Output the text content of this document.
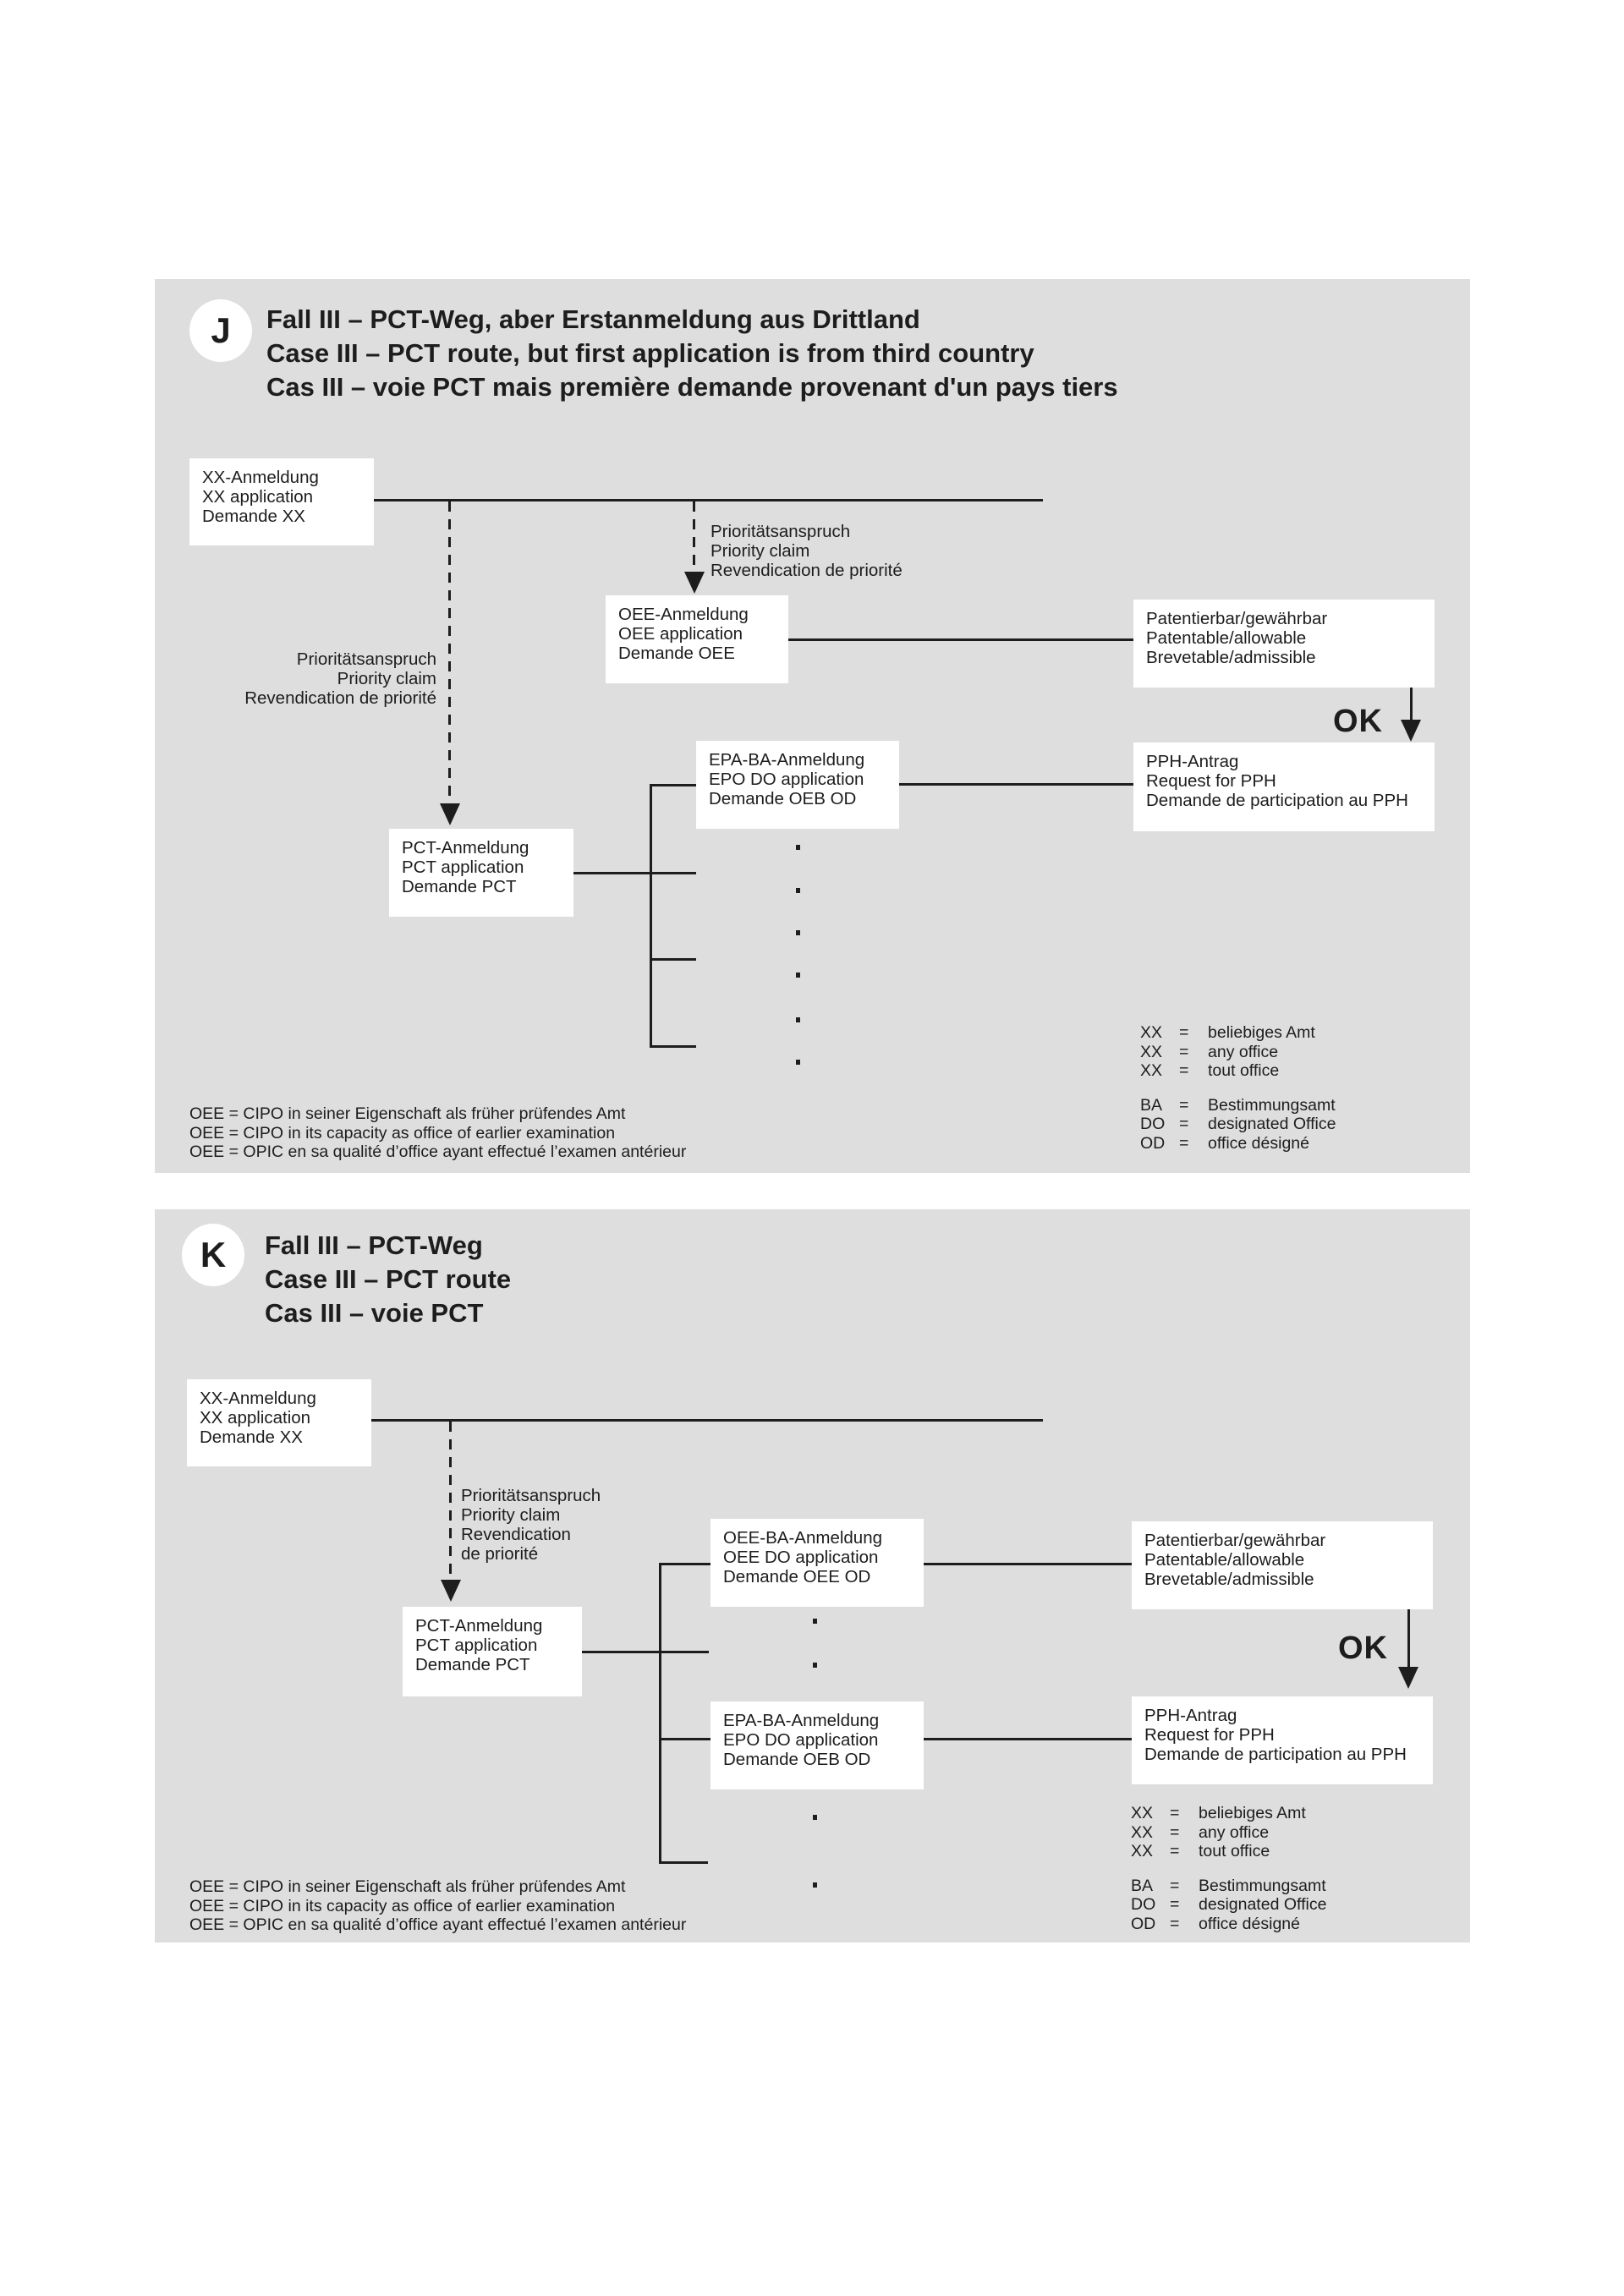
J Fall III – PCT-Weg, aber Erstanmeldung aus Drittland
Case III – PCT route, but first application is from third country
Cas III – voie PCT mais première demande provenant d'un pays tiers
XX-Anmeldung
XX application
Demande XX
Prioritätsanspruch
Priority claim
Revendication de priorité
Prioritätsanspruch
Priority claim
Revendication de priorité
OEE-Anmeldung
OEE application
Demande OEE
Patentierbar/gewährbar
Patentable/allowable
Brevetable/admissible
OK
PPH-Antrag
Request for PPH
Demande de participation au PPH
EPA-BA-Anmeldung
EPO DO application
Demande OEB OD
PCT-Anmeldung
PCT application
Demande PCT
OEE = CIPO in seiner Eigenschaft als früher prüfendes Amt
OEE = CIPO in its capacity as office of earlier examination
OEE = OPIC en sa qualité d’office ayant effectué l’examen antérieur
XX	=	beliebiges Amt
XX	=	any office
XX	=	tout office
BA	=	Bestimmungsamt
DO =	designated Office
OD =	office désigné
K Fall III – PCT-Weg
Case III – PCT route
Cas III – voie PCT
XX-Anmeldung
XX application
Demande XX
Prioritätsanspruch
Priority claim
Revendication
de priorité
PCT-Anmeldung
PCT application
Demande PCT
OEE-BA-Anmeldung
OEE DO application
Demande OEE OD
EPA-BA-Anmeldung
EPO DO application
Demande OEB OD
Patentierbar/gewährbar
Patentable/allowable
Brevetable/admissible
OK
PPH-Antrag
Request for PPH
Demande de participation au PPH
OEE = CIPO in seiner Eigenschaft als früher prüfendes Amt
OEE = CIPO in its capacity as office of earlier examination
OEE = OPIC en sa qualité d’office ayant effectué l’examen antérieur
XX	=	beliebiges Amt
XX	=	any office
XX	=	tout office
BA	=	Bestimmungsamt
DO =	designated Office
OD =	office désigné
